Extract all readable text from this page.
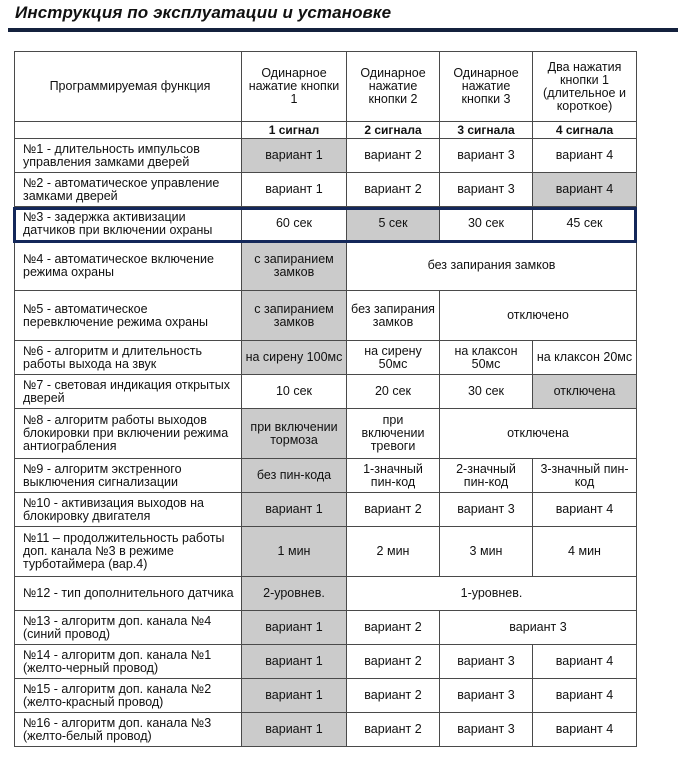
Инструкция по эксплуатации и установке
Программируемая функция	Одинарное нажатие кнопки 1	Одинарное нажатие кнопки 2	Одинарное нажатие кнопки 3	Два нажатия кнопки 1 (длительное и короткое)
	1 сигнал	2 сигнала	3 сигнала	4 сигнала
№1 - длительность импульсов управления замками дверей	вариант 1	вариант 2	вариант 3	вариант 4
№2 - автоматическое управление замками дверей	вариант 1	вариант 2	вариант 3	вариант 4
№3 - задержка активизации датчиков при включении охраны	60 сек	5 сек	30 сек	45 сек
№4 - автоматическое включение режима охраны	с запиранием замков	без запирания замков		
№5 - автоматическое перевключение режима охраны	с запиранием замков	без запирания замков	отключено	
№6 - алгоритм и длительность работы выхода на звук	на сирену 100мс	на сирену 50мс	на клаксон 50мс	на клаксон 20мс
№7 - световая индикация открытых дверей	10 сек	20 сек	30 сек	отключена
№8 - алгоритм работы выходов блокировки при включении режима антиограбления	при включении тормоза	при включении тревоги	отключена	
№9 - алгоритм экстренного выключения сигнализации	без пин-кода	1-значный пин-код	2-значный пин-код	3-значный пин-код
№10 - активизация выходов на блокировку двигателя	вариант 1	вариант 2	вариант 3	вариант 4
№11 – продолжительность работы доп. канала №3 в режиме турботаймера (вар.4)	1 мин	2 мин	3 мин	4 мин
№12 - тип дополнительного датчика	2-уровнев.	1-уровнев.		
№13 - алгоритм доп. канала №4 (синий провод)	вариант 1	вариант 2	вариант 3	
№14 - алгоритм доп. канала №1 (желто-черный провод)	вариант 1	вариант 2	вариант 3	вариант 4
№15 - алгоритм доп. канала №2 (желто-красный провод)	вариант 1	вариант 2	вариант 3	вариант 4
№16 - алгоритм доп. канала №3 (желто-белый провод)	вариант 1	вариант 2	вариант 3	вариант 4
